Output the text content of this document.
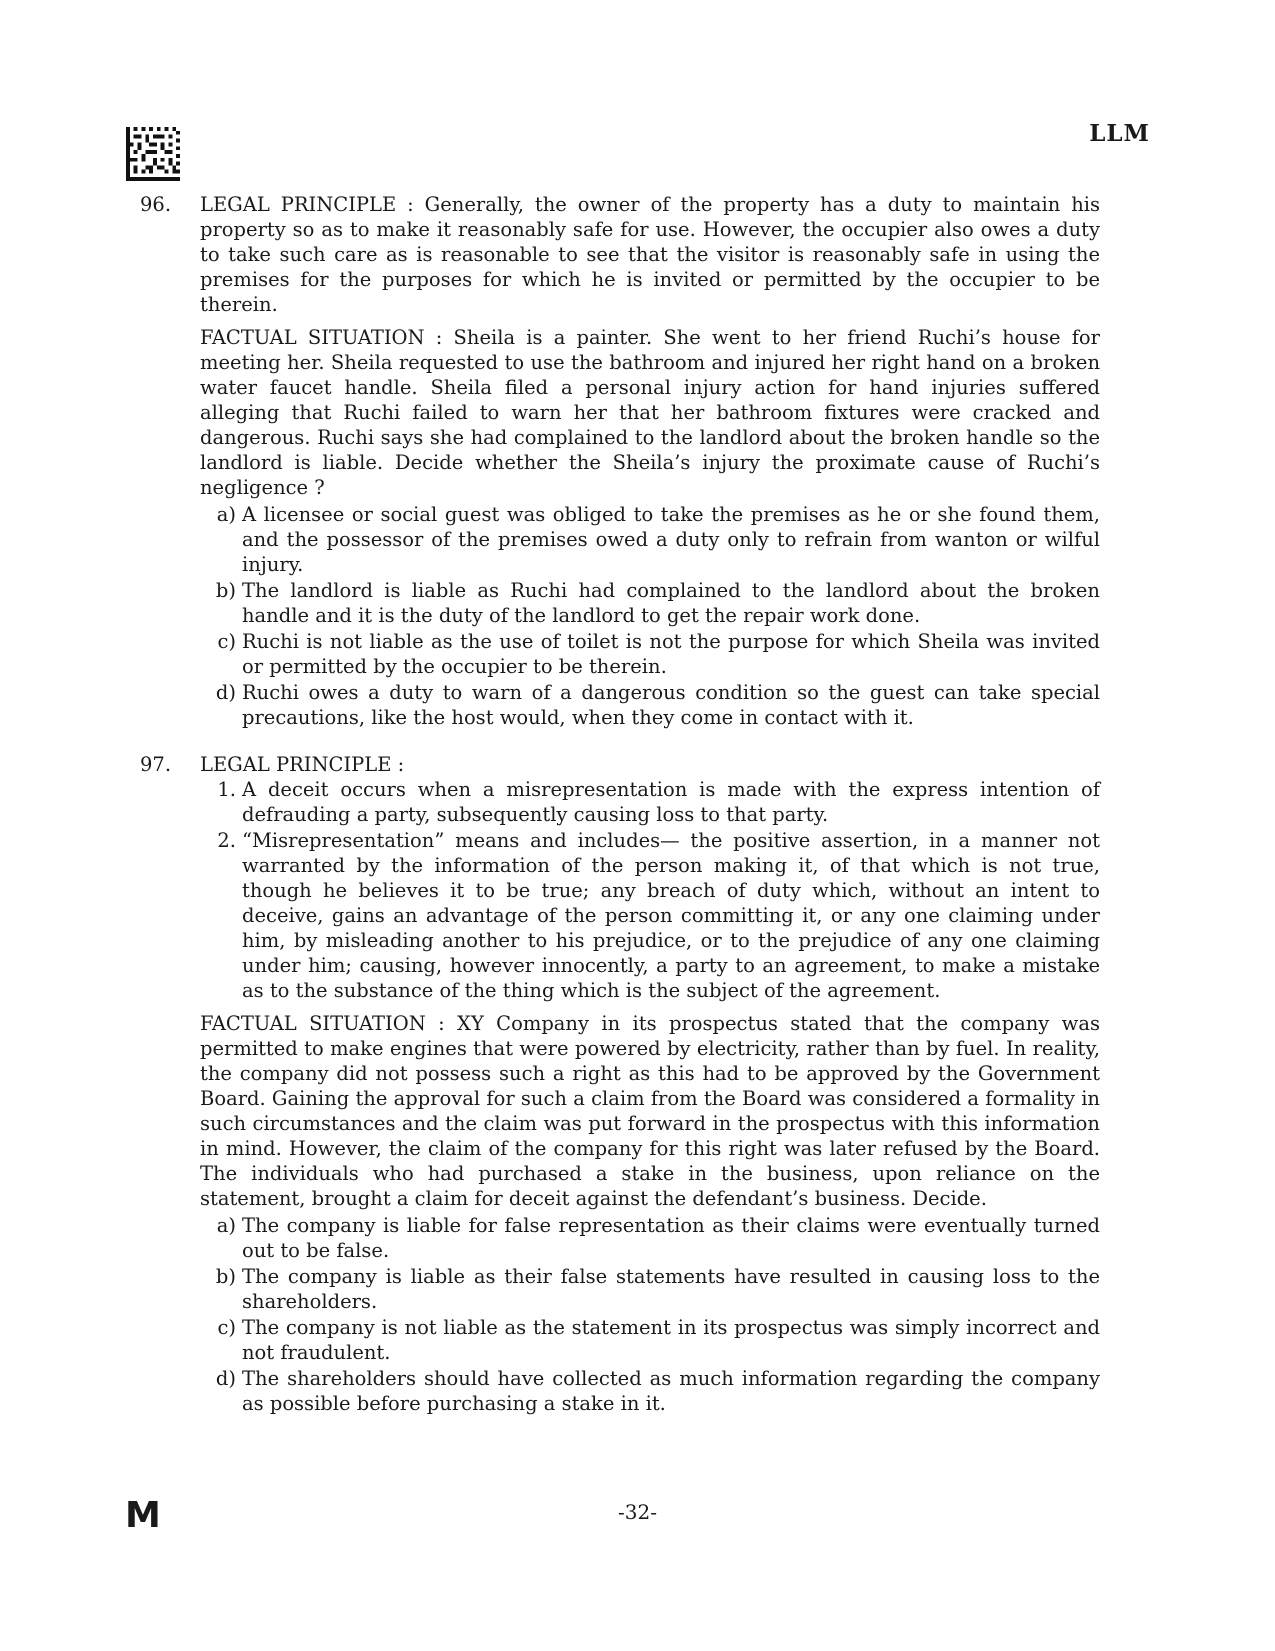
LLM
96.	LEGAL PRINCIPLE : Generally, the owner of the property has a duty to maintain his property so as to make it reasonably safe for use. However, the occupier also owes a duty to take such care as is reasonable to see that the visitor is reasonably safe in using the premises for the purposes for which he is invited or permitted by the occupier to be therein.

FACTUAL SITUATION : Sheila is a painter. She went to her friend Ruchi’s house for meeting her. Sheila requested to use the bathroom and injured her right hand on a broken water faucet handle. Sheila filed a personal injury action for hand injuries suffered alleging that Ruchi failed to warn her that her bathroom fixtures were cracked and dangerous. Ruchi says she had complained to the landlord about the broken handle so the landlord is liable. Decide whether the Sheila’s injury the proximate cause of Ruchi’s negligence ?

a) A licensee or social guest was obliged to take the premises as he or she found them, and the possessor of the premises owed a duty only to refrain from wanton or wilful injury.
b) The landlord is liable as Ruchi had complained to the landlord about the broken handle and it is the duty of the landlord to get the repair work done.
c) Ruchi is not liable as the use of toilet is not the purpose for which Sheila was invited or permitted by the occupier to be therein.
d) Ruchi owes a duty to warn of a dangerous condition so the guest can take special precautions, like the host would, when they come in contact with it.
97.	LEGAL PRINCIPLE :
1. A deceit occurs when a misrepresentation is made with the express intention of defrauding a party, subsequently causing loss to that party.
2. “Misrepresentation” means and includes— the positive assertion, in a manner not warranted by the information of the person making it, of that which is not true, though he believes it to be true; any breach of duty which, without an intent to deceive, gains an advantage of the person committing it, or any one claiming under him, by misleading another to his prejudice, or to the prejudice of any one claiming under him; causing, however innocently, a party to an agreement, to make a mistake as to the substance of the thing which is the subject of the agreement.

FACTUAL SITUATION : XY Company in its prospectus stated that the company was permitted to make engines that were powered by electricity, rather than by fuel. In reality, the company did not possess such a right as this had to be approved by the Government Board. Gaining the approval for such a claim from the Board was considered a formality in such circumstances and the claim was put forward in the prospectus with this information in mind. However, the claim of the company for this right was later refused by the Board. The individuals who had purchased a stake in the business, upon reliance on the statement, brought a claim for deceit against the defendant’s business. Decide.

a) The company is liable for false representation as their claims were eventually turned out to be false.
b) The company is liable as their false statements have resulted in causing loss to the shareholders.
c) The company is not liable as the statement in its prospectus was simply incorrect and not fraudulent.
d) The shareholders should have collected as much information regarding the company as possible before purchasing a stake in it.
M	-32-
